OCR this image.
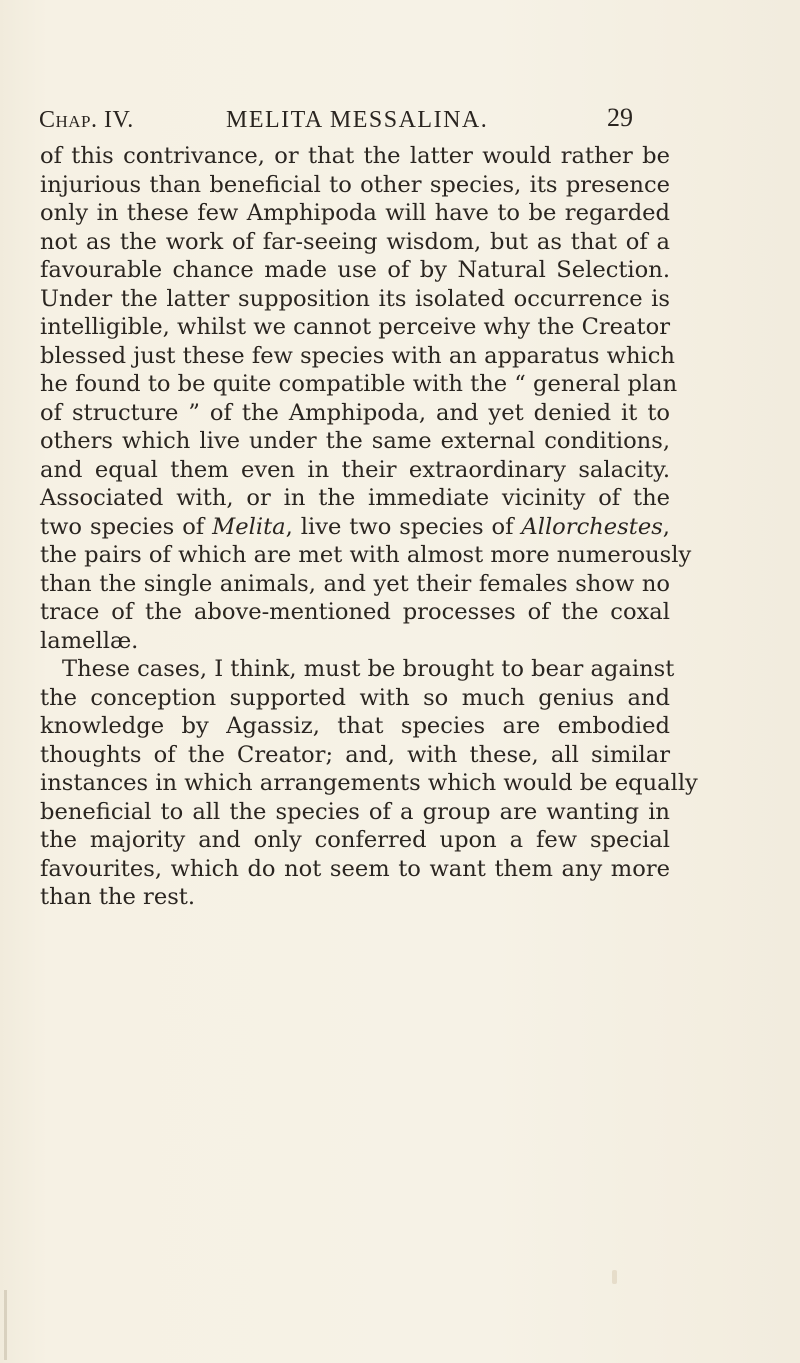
Chap. IV.	MELITA MESSALINA.	29
of this contrivance, or that the latter would rather be
injurious than beneficial to other species, its presence
only in these few Amphipoda will have to be regarded
not as the work of far-seeing wisdom, but as that of a
favourable chance made use of by Natural Selection.
Under the latter supposition its isolated occurrence is
intelligible, whilst we cannot perceive why the Creator
blessed just these few species with an apparatus which
he found to be quite compatible with the “ general plan
of structure ” of the Amphipoda, and yet denied it to
others which live under the same external conditions,
and equal them even in their extraordinary salacity.
Associated with, or in the immediate vicinity of the
two species of Melita, live two species of Allorchestes,
the pairs of which are met with almost more numerously
than the single animals, and yet their females show no
trace of the above-mentioned processes of the coxal
lamellæ.
These cases, I think, must be brought to bear against
the conception supported with so much genius and
knowledge by Agassiz, that species are embodied
thoughts of the Creator; and, with these, all similar
instances in which arrangements which would be equally
beneficial to all the species of a group are wanting in
the majority and only conferred upon a few special
favourites, which do not seem to want them any more
than the rest.
